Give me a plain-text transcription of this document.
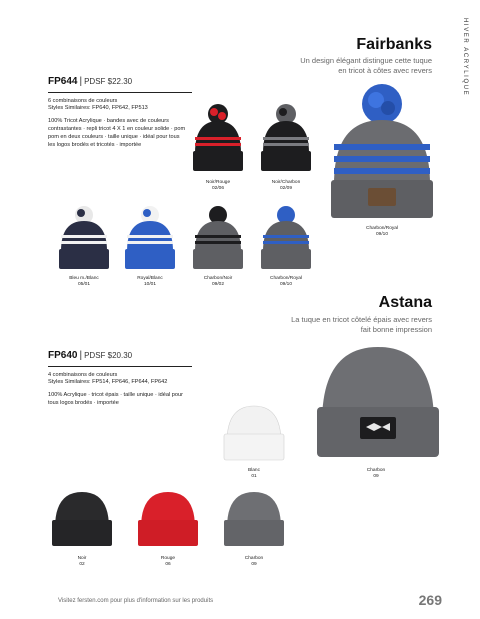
HIVER ACRYLIQUE
Fairbanks
Un design élégant distingue cette tuque
en tricot à côtes avec revers
FP644 | PDSF $22.30
6 combinaisons de couleurs
Styles Similaires: FP640, FP642, FP513
100% Tricot Acrylique · bandes avec de couleurs
contrastantes · repli tricot 4 X 1 en couleur solide · pom
pom en deux couleurs · taille unique · idéal pour tous
les logos brodés et tricotés · importée
Noir/Rouge
02/06
Noir/Charbon
02/09
Charbon/Royal
09/10
Bleu m./Blanc
05/01
Royal/Blanc
10/01
Charbon/Noir
09/02
Charbon/Royal
09/10
Astana
La tuque en tricot côtelé épais avec revers
fait bonne impression
FP640 | PDSF $20.30
4 combinaisons de couleurs
Styles Similaires: FP514, FP646, FP644, FP642
100% Acrylique · tricot épais · taille unique · idéal pour
tous logos brodés · importée
Blanc
01
Charbon
09
Noir
02
Rouge
06
Charbon
09
Visitez fersten.com pour plus d'information sur les produits	269
